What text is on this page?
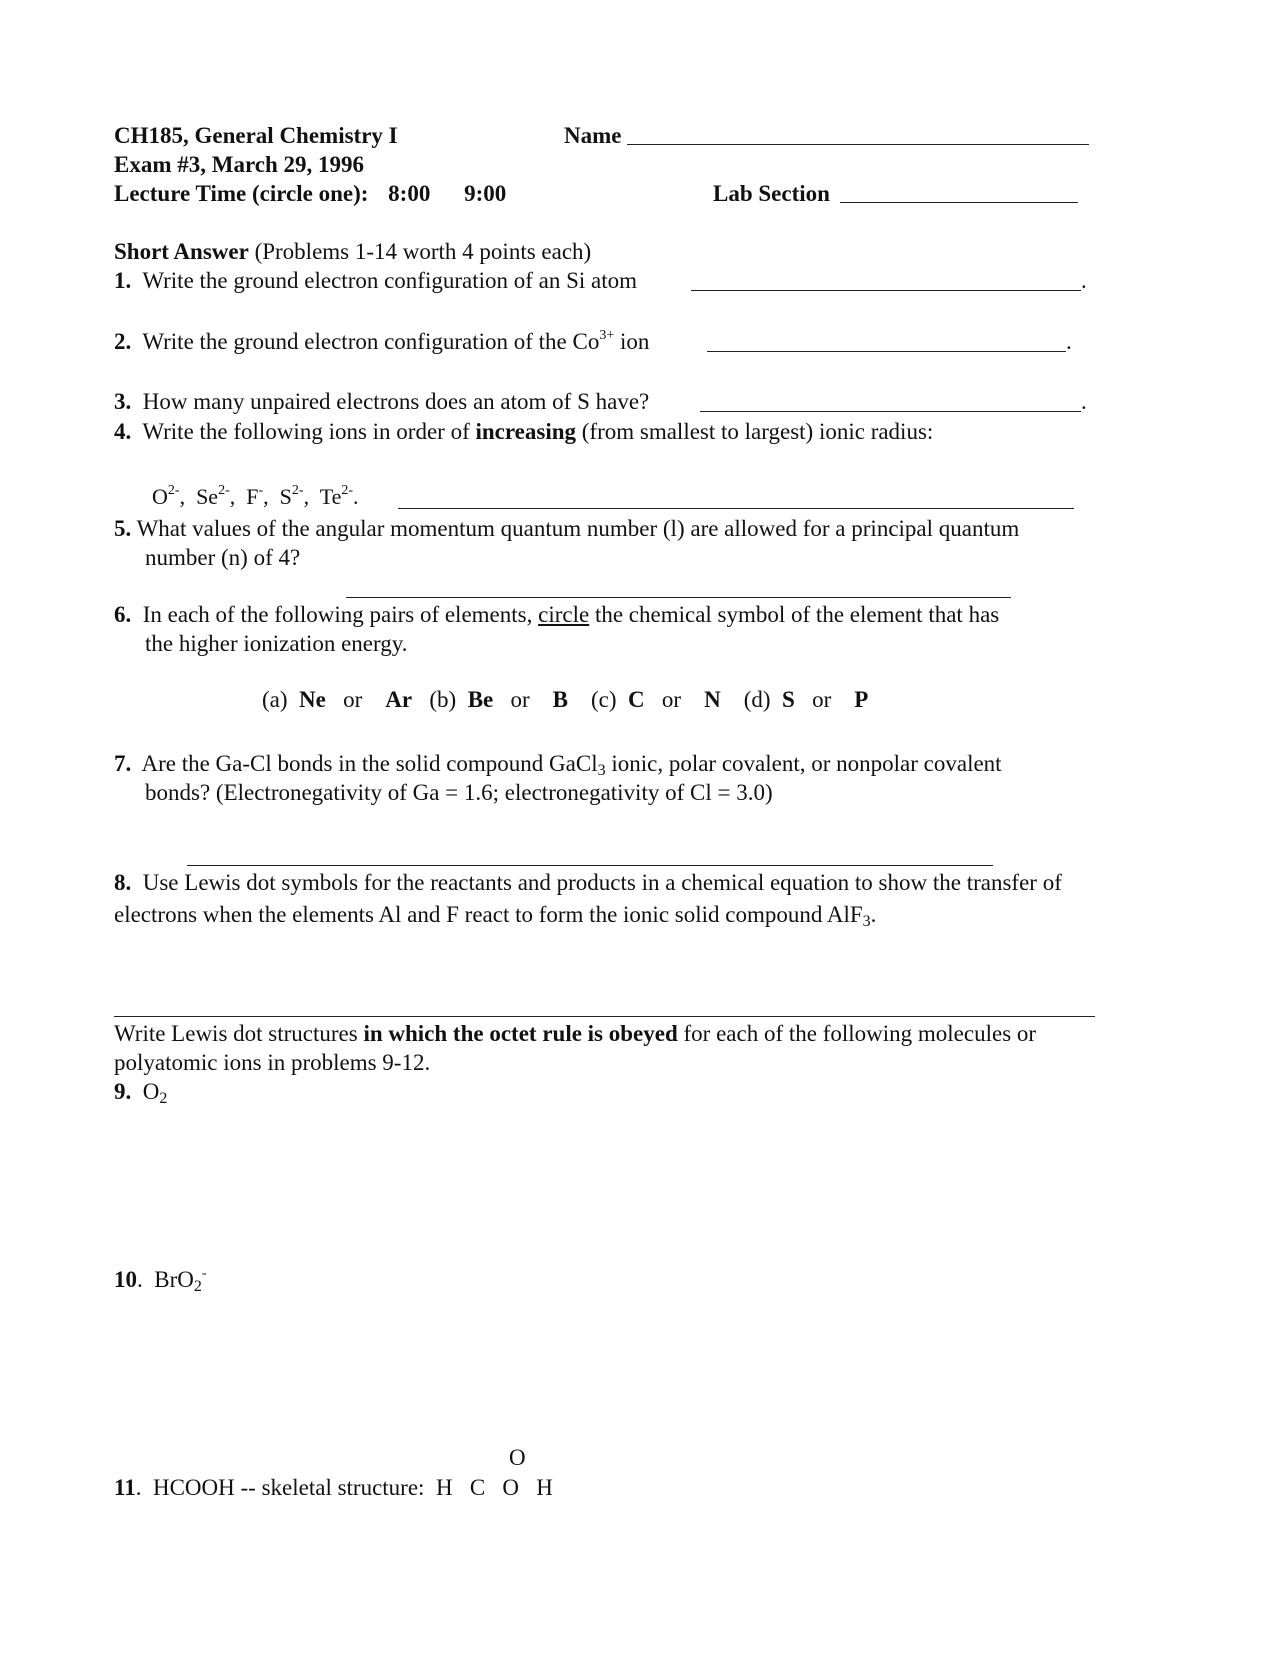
CH185, General Chemistry I
Exam #3, March 29, 1996
Lecture Time (circle one): 8:00 9:00
Name
Lab Section
Short Answer (Problems 1-14 worth 4 points each)
1. Write the ground electron configuration of an Si atom	.
2. Write the ground electron configuration of the $Co^{3+}$ ion	.
3. How many unpaired electrons does an atom of S have?	.
4. Write the following ions in order of increasing (from smallest to largest) ionic radius:
$O^{2-}$,  $Se^{2-}$,  F-,  $S^{2-}$,  $Te^{2-}$.
5. What values of the angular momentum quantum number (l) are allowed for a principal quantum
number (n) of 4?
6. In each of the following pairs of elements, circle the chemical symbol of the element that has
the higher ionization energy.
(a) Ne or Ar (b) Be or B (c) C or N (d) S or P
7. Are the Ga-Cl bonds in the solid compound GaCl$_3$ ionic, polar covalent, or nonpolar covalent
bonds? (Electronegativity of Ga = 1.6; electronegativity of Cl = 3.0)
8. Use Lewis dot symbols for the reactants and products in a chemical equation to show the transfer of
electrons when the elements Al and F react to form the ionic solid compound AlF$_3$.
Write Lewis dot structures in which the octet rule is obeyed for each of the following molecules or
polyatomic ions in problems 9-12.
9. $O_2$
10. BrO$_2$-
O
11. HCOOH -- skeletal structure: H C O H
